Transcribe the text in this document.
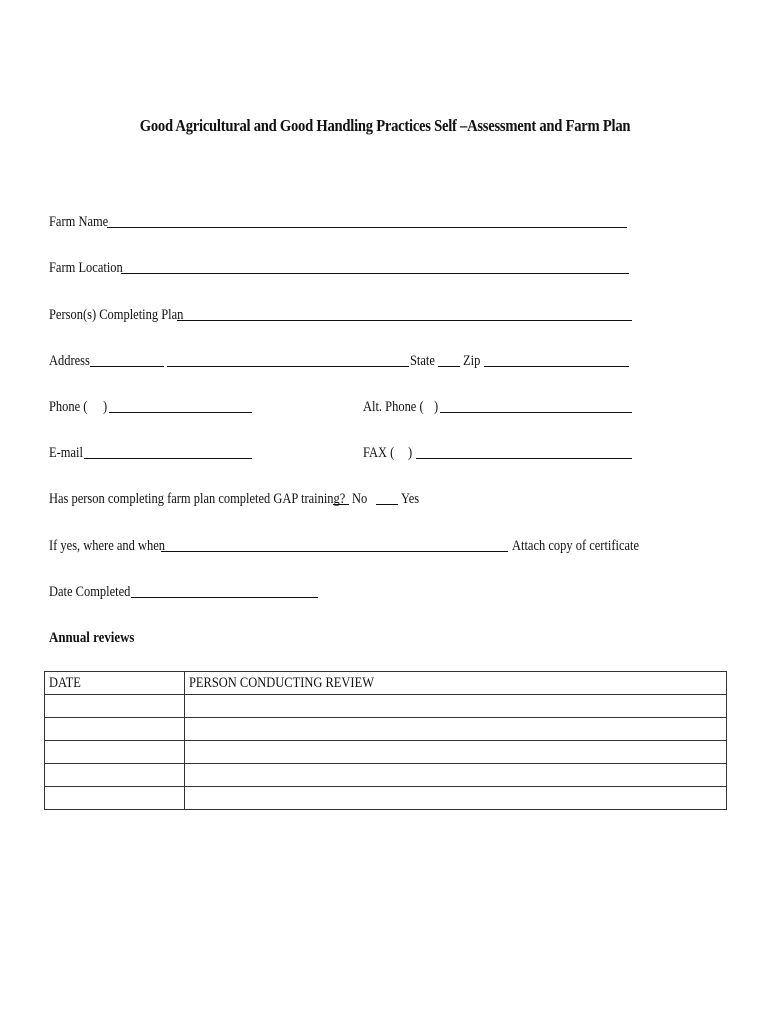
Good Agricultural and Good Handling Practices Self –Assessment and Farm Plan
Farm Name
Farm Location
Person(s) Completing Plan
Address	State Zip
Phone ( )	Alt. Phone ( )
E-mail	FAX ( )
Has person completing farm plan completed GAP training? No Yes
If yes, where and when	Attach copy of certificate
Date Completed
Annual reviews
DATE	PERSON CONDUCTING REVIEW
